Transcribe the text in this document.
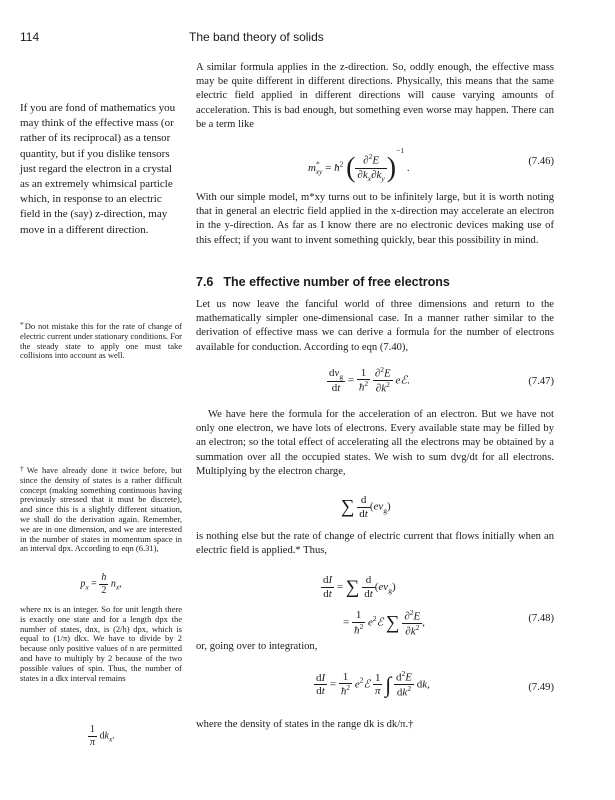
114	The band theory of solids
If you are fond of mathematics you may think of the effective mass (or rather of its reciprocal) as a tensor quantity, but if you dislike tensors just regard the electron in a crystal as an extremely whimsical particle which, in response to an electric field in the (say) z-direction, may move in a different direction.
*Do not mistake this for the rate of change of electric current under stationary conditions. For the steady state to apply one must take collisions into account as well.
†We have already done it twice before, but since the density of states is a rather difficult concept (making something continuous having previously stressed that it must be discrete), and since this is a slightly different situation, we shall do the derivation again. Remember, we are in one dimension, and we are interested in the number of states in momentum space in an interval dpx. According to eqn (6.31),
$p_x = \frac{h}{2} n_x$,
where nx is an integer. So for unit length there is exactly one state and for a length dpx the number of states, dnx, is (2/h) dpx, which is equal to (1/π) dkx. We have to divide by 2 because only positive values of n are permitted and have to multiply by 2 because of the two possible values of spin. Thus, the number of states in a dkx interval remains
$\frac{1}{\pi} dk_x$.

A similar formula applies in the z-direction. So, oddly enough, the effective mass may be quite different in different directions. Physically, this means that the same electric field applied in different directions will cause varying amounts of acceleration. This is bad enough, but something even worse may happen. There can be a term like

$m^*_{xy}$ = $ħ^2$ ( $\frac{\partial^2E}{\partial k_x\partial k_y} )^{-1}$ .
(7.46)

With our simple model, m*xy turns out to be infinitely large, but it is worth noting that in general an electric field applied in the x-direction may accelerate an electron in the y-direction. As far as I know there are no electronic devices making use of this effect; if you want to invent something quickly, bear this possibility in mind.

7.6 The effective number of free electrons

Let us now leave the fanciful world of three dimensions and return to the mathematically simpler one-dimensional case. In a manner rather similar to the derivation of effective mass we can derive a formula for the number of electrons available for conduction. According to eqn (7.40),

$\frac{dv_g}{dt} = \frac{1}{ħ^2}$
$\frac{\partial^2E}{\partial k^2}$ eℰ.	(7.47)

We have here the formula for the acceleration of an electron. But we have not only one electron, we have lots of electrons. Every available state may be filled by an electron; so the total effect of accelerating all the electrons may be obtained by a summation over all the occupied states. We wish to sum dvg/dt for all electrons. Multiplying by the electron charge,

∑ $\frac{d}{dt} (ev_g)$

is nothing else but the rate of change of electric current that flows initially when an electric field is applied.* Thus,

$\frac{dI}{dt}$ = ∑ $\frac{d}{dt} (ev_g)$
= $\frac{1}{ħ^2}$ $e^2ℰ$ ∑ $\frac{\partial^2E}{\partial k^2}$ ,	(7.48)

or, going over to integration,

$\frac{dI}{dt} = \frac{1}{ħ^2}$ $e^2ℰ \frac{1}{\pi}$ ∫ $\frac{d^2E}{dk^2}$ dk,	(7.49)

where the density of states in the range dk is dk/π.†
